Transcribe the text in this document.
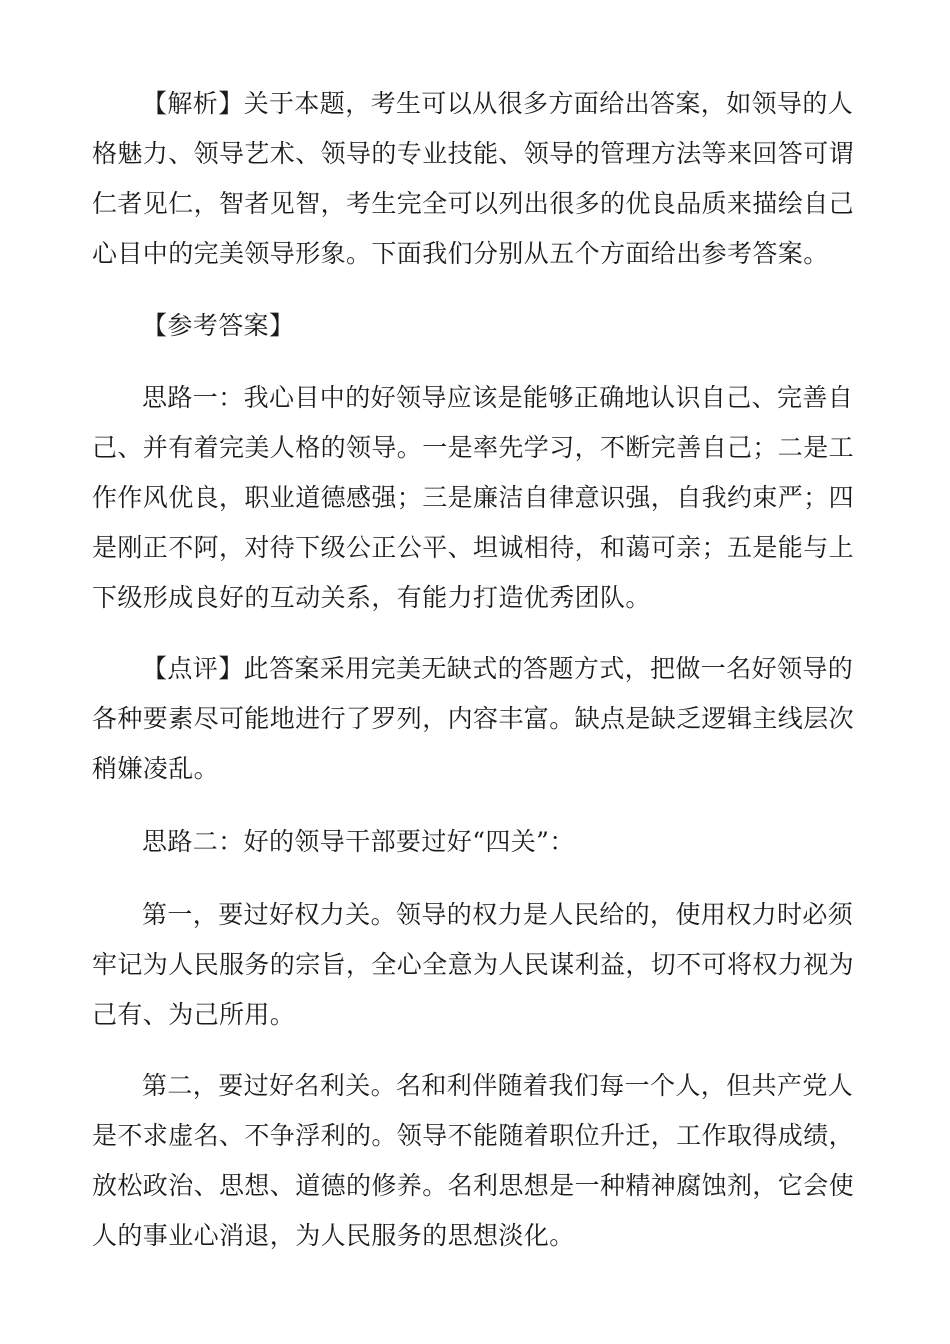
【解析】关于本题，考生可以从很多方面给出答案，如领导的人格魅力、领导艺术、领导的专业技能、领导的管理方法等来回答可谓仁者见仁，智者见智，考生完全可以列出很多的优良品质来描绘自己心目中的完美领导形象。下面我们分别从五个方面给出参考答案。

【参考答案】

思路一：我心目中的好领导应该是能够正确地认识自己、完善自己、并有着完美人格的领导。一是率先学习，不断完善自己；二是工作作风优良，职业道德感强；三是廉洁自律意识强，自我约束严；四是刚正不阿，对待下级公正公平、坦诚相待，和蔼可亲；五是能与上下级形成良好的互动关系，有能力打造优秀团队。

【点评】此答案采用完美无缺式的答题方式，把做一名好领导的各种要素尽可能地进行了罗列，内容丰富。缺点是缺乏逻辑主线层次稍嫌凌乱。

思路二：好的领导干部要过好“四关”：

第一，要过好权力关。领导的权力是人民给的，使用权力时必须牢记为人民服务的宗旨，全心全意为人民谋利益，切不可将权力视为己有、为己所用。

第二，要过好名利关。名和利伴随着我们每一个人，但共产党人是不求虚名、不争浮利的。领导不能随着职位升迁，工作取得成绩，放松政治、思想、道德的修养。名利思想是一种精神腐蚀剂，它会使人的事业心消退，为人民服务的思想淡化。
